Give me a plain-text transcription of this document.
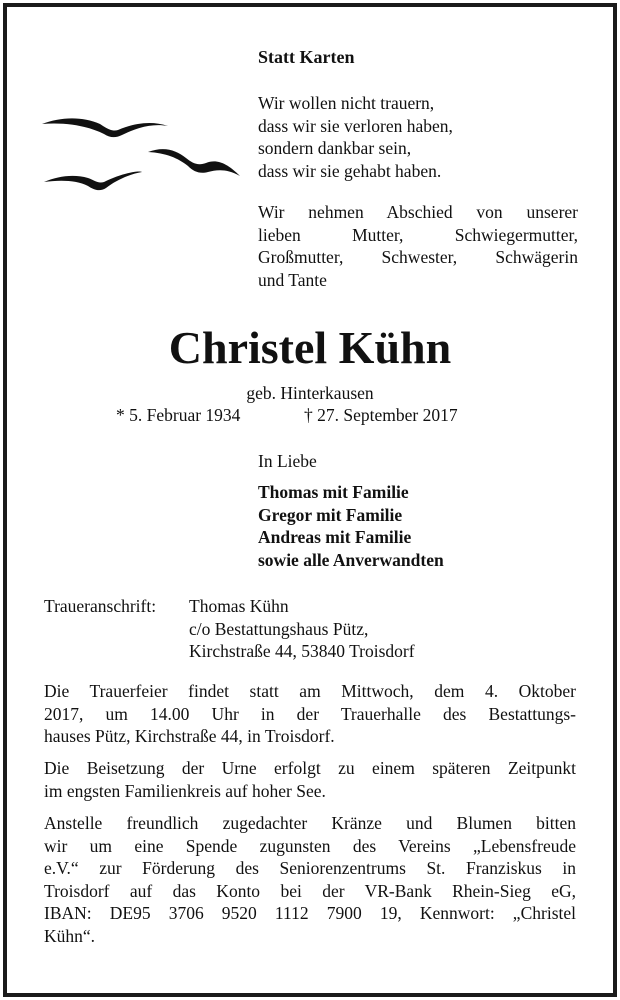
Statt Karten
Wir wollen nicht trauern,
dass wir sie verloren haben,
sondern dankbar sein,
dass wir sie gehabt haben.
Wir nehmen Abschied von unserer
lieben Mutter, Schwiegermutter,
Großmutter, Schwester, Schwägerin
und Tante
Christel Kühn
geb. Hinterkausen
* 5. Februar 1934	† 27. September 2017
In Liebe
Thomas mit Familie
Gregor mit Familie
Andreas mit Familie
sowie alle Anverwandten
Traueranschrift: Thomas Kühn
c/o Bestattungshaus Pütz,
Kirchstraße 44, 53840 Troisdorf
Die Trauerfeier findet statt am Mittwoch, dem 4. Oktober
2017, um 14.00 Uhr in der Trauerhalle des Bestattungs-
hauses Pütz, Kirchstraße 44, in Troisdorf.
Die Beisetzung der Urne erfolgt zu einem späteren Zeitpunkt
im engsten Familienkreis auf hoher See.
Anstelle freundlich zugedachter Kränze und Blumen bitten
wir um eine Spende zugunsten des Vereins „Lebensfreude
e.V.“ zur Förderung des Seniorenzentrums St. Franziskus in
Troisdorf auf das Konto bei der VR-Bank Rhein-Sieg eG,
IBAN: DE95 3706 9520 1112 7900 19, Kennwort: „Christel
Kühn“.
